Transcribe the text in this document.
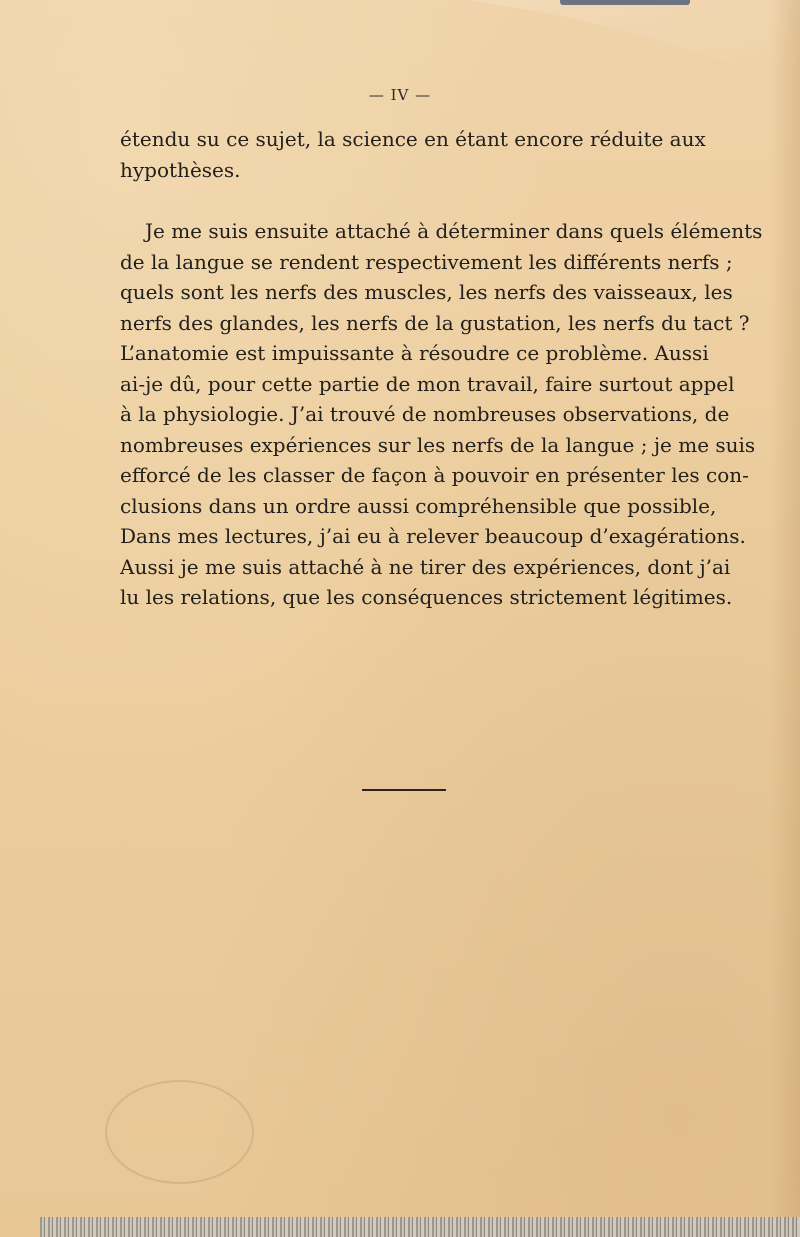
— IV —
étendu su ce sujet, la science en étant encore réduite aux
hypothèses.
Je me suis ensuite attaché à déterminer dans quels éléments
de la langue se rendent respectivement les différents nerfs ;
quels sont les nerfs des muscles, les nerfs des vaisseaux, les
nerfs des glandes, les nerfs de la gustation, les nerfs du tact ?
L’anatomie est impuissante à résoudre ce problème. Aussi
ai-je dû, pour cette partie de mon travail, faire surtout appel
à la physiologie. J’ai trouvé de nombreuses observations, de
nombreuses expériences sur les nerfs de la langue ; je me suis
efforcé de les classer de façon à pouvoir en présenter les con-
clusions dans un ordre aussi compréhensible que possible,
Dans mes lectures, j’ai eu à relever beaucoup d’exagérations.
Aussi je me suis attaché à ne tirer des expériences, dont j’ai
lu les relations, que les conséquences strictement légitimes.
